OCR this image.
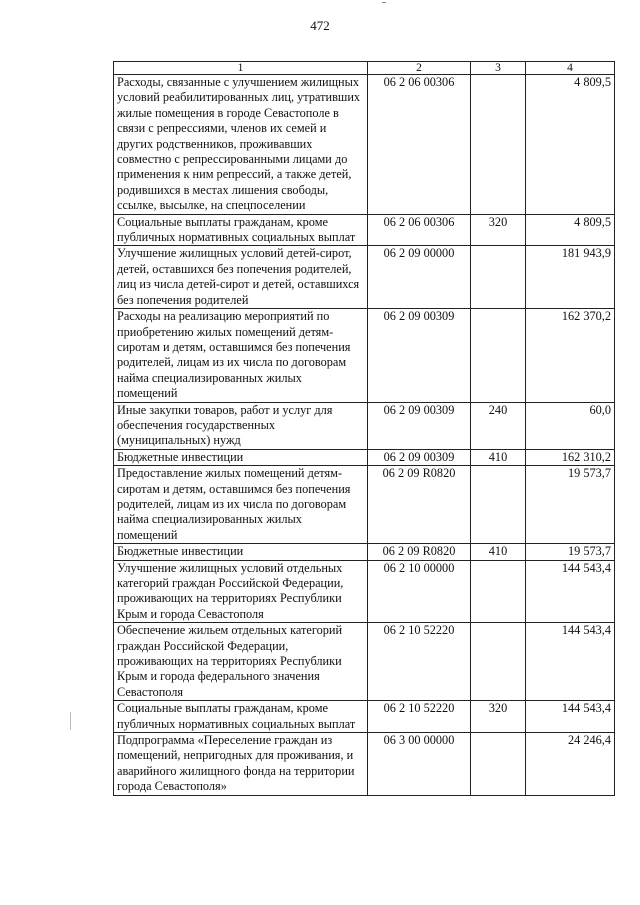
472
1	2	3	4
Расходы, связанные с улучшением жилищных условий реабилитированных лиц, утративших жилые помещения в городе Севастополе в связи с репрессиями, членов их семей и других родственников, проживавших совместно с репрессированными лицами до применения к ним репрессий, а также детей, родившихся в местах лишения свободы, ссылке, высылке, на спецпоселении	06 2 06 00306		4 809,5
Социальные выплаты гражданам, кроме публичных нормативных социальных выплат	06 2 06 00306	320	4 809,5
Улучшение жилищных условий детей-сирот, детей, оставшихся без попечения родителей, лиц из числа детей-сирот и детей, оставшихся без попечения родителей	06 2 09 00000		181 943,9
Расходы на реализацию мероприятий по приобретению жилых помещений детям-сиротам и детям, оставшимся без попечения родителей, лицам из их числа по договорам найма специализированных жилых помещений	06 2 09 00309		162 370,2
Иные закупки товаров, работ и услуг для обеспечения государственных (муниципальных) нужд	06 2 09 00309	240	60,0
Бюджетные инвестиции	06 2 09 00309	410	162 310,2
Предоставление жилых помещений детям-сиротам и детям, оставшимся без попечения родителей, лицам из их числа по договорам найма специализированных жилых помещений	06 2 09 R0820		19 573,7
Бюджетные инвестиции	06 2 09 R0820	410	19 573,7
Улучшение жилищных условий отдельных категорий граждан Российской Федерации, проживающих на территориях Республики Крым и города Севастополя	06 2 10 00000		144 543,4
Обеспечение жильем отдельных категорий граждан Российской Федерации, проживающих на территориях Республики Крым и города федерального значения Севастополя	06 2 10 52220		144 543,4
Социальные выплаты гражданам, кроме публичных нормативных социальных выплат	06 2 10 52220	320	144 543,4
Подпрограмма «Переселение граждан из помещений, непригодных для проживания, и аварийного жилищного фонда на территории города Севастополя»	06 3 00 00000		24 246,4
